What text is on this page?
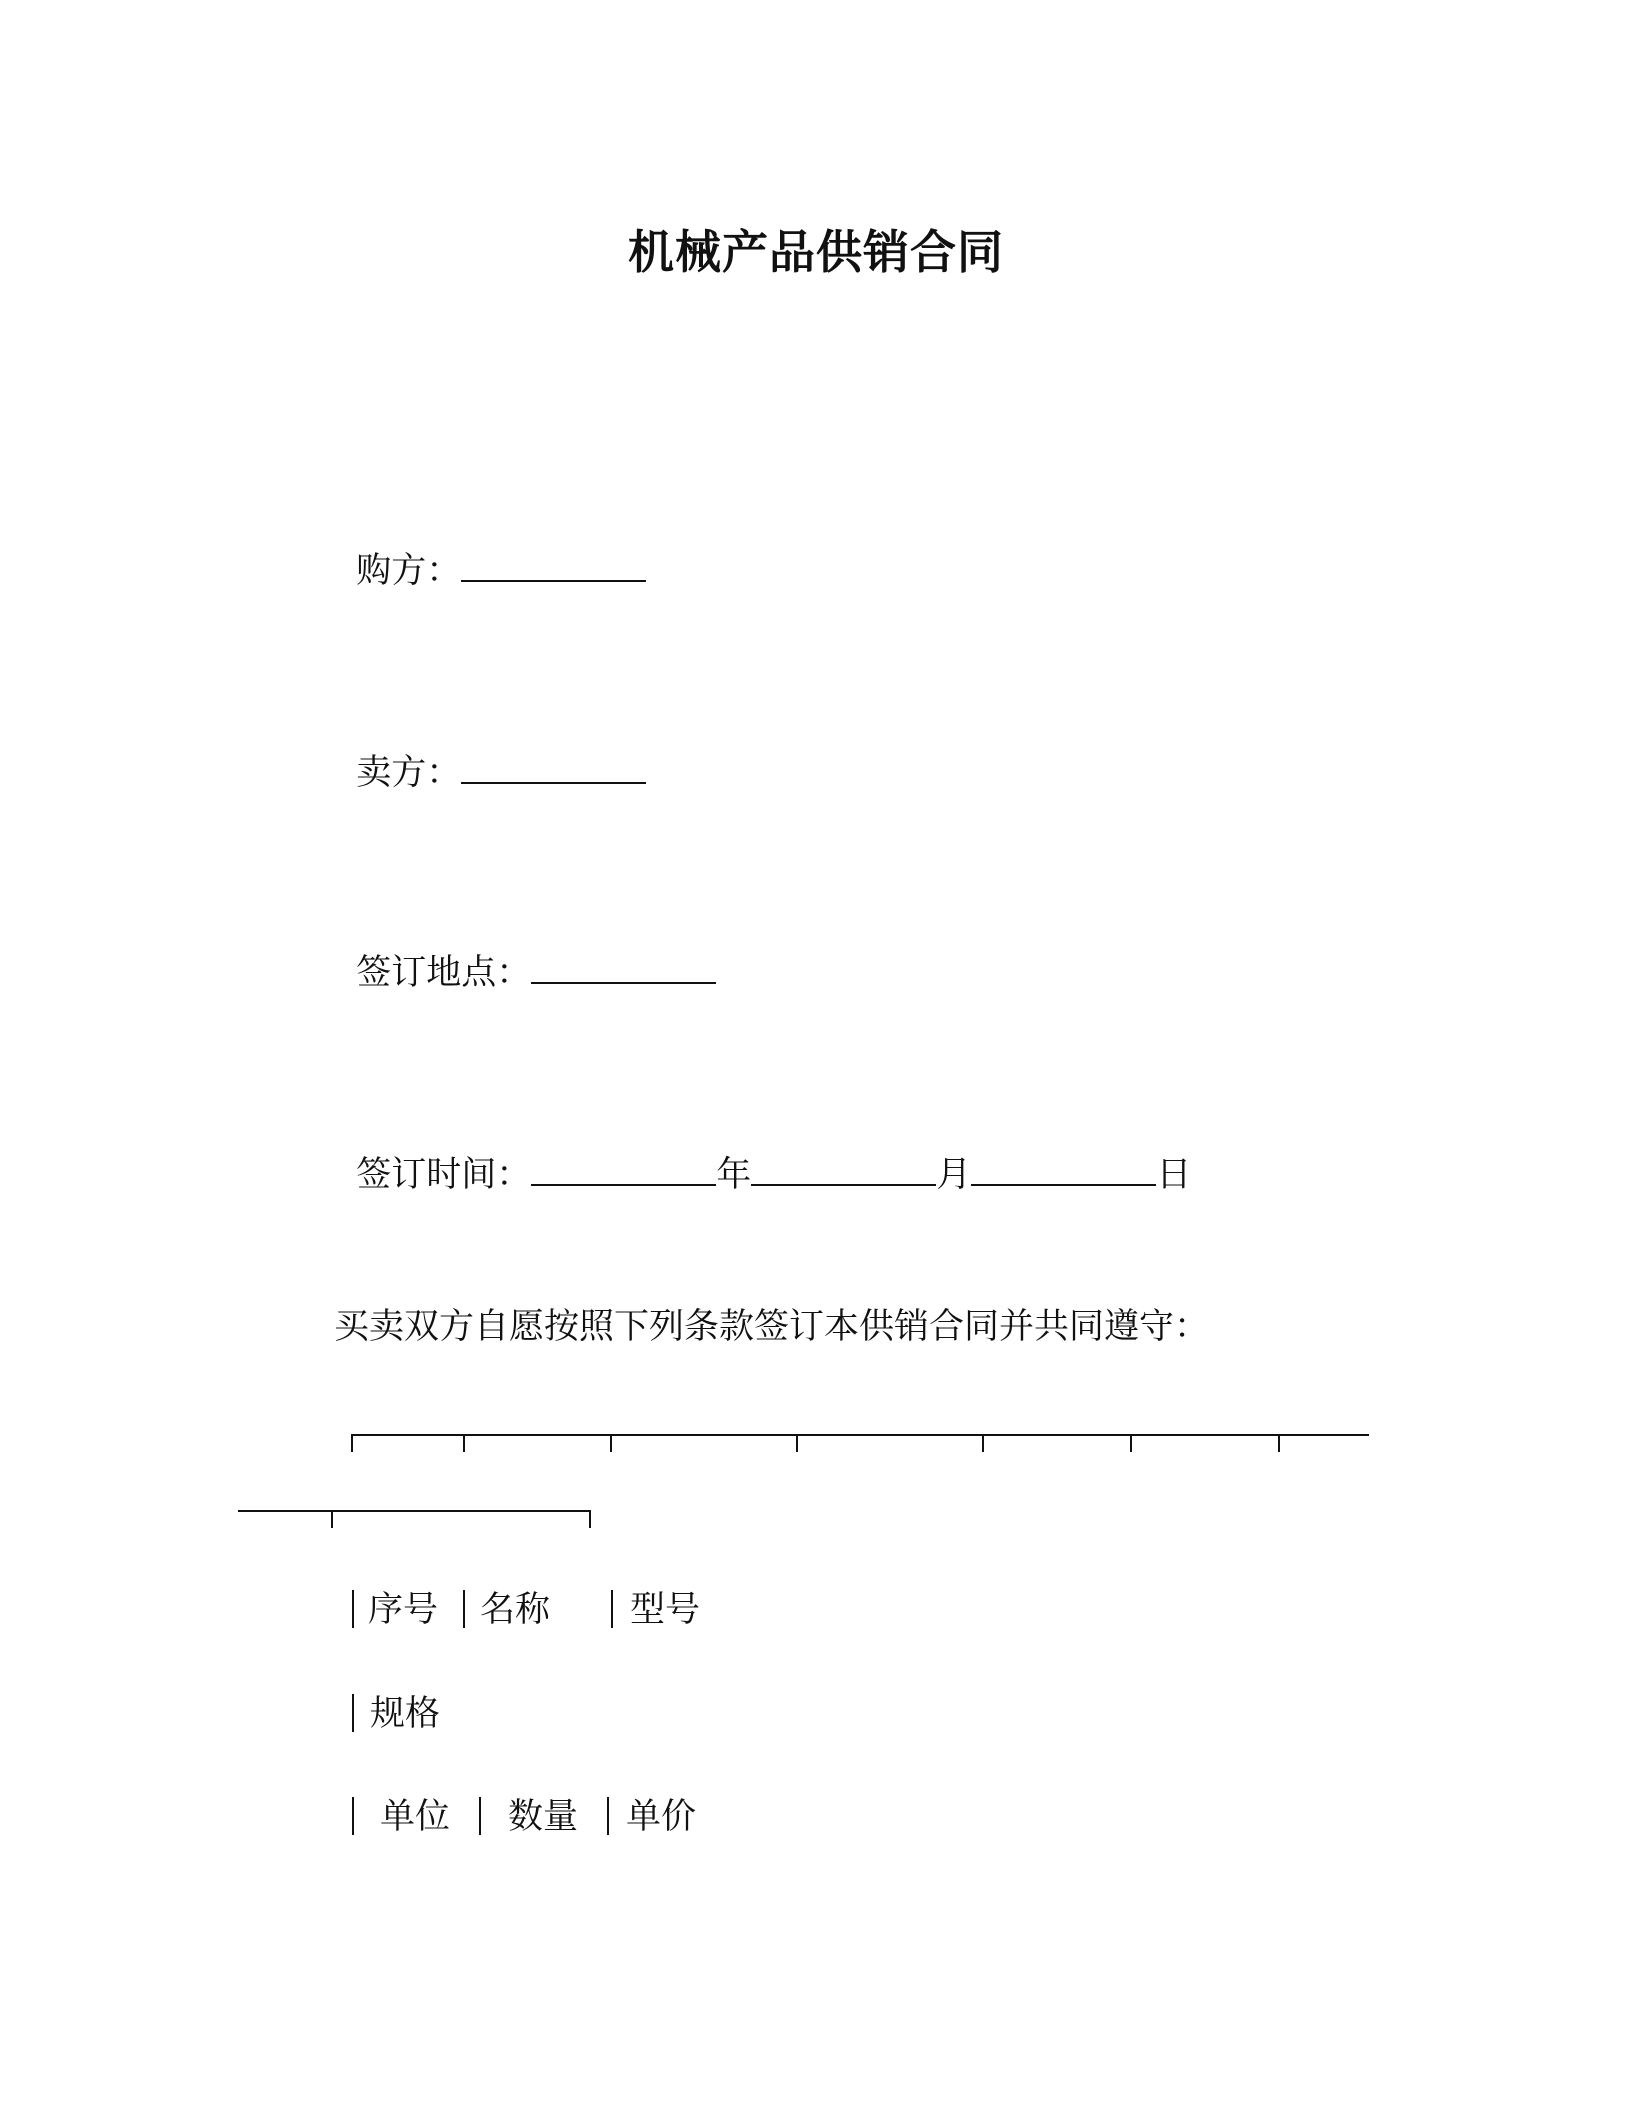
机械产品供销合同

购方：

卖方：

签订地点：

签订时间：	年	月	日

买卖双方自愿按照下列条款签订本供销合同并共同遵守：
序号 名称 型号
规格
单位 数量 单价
